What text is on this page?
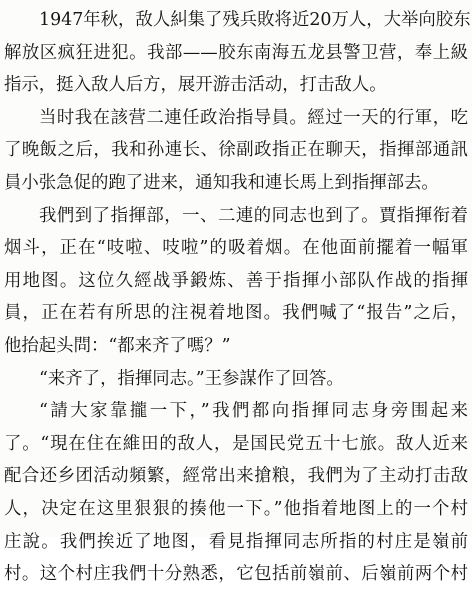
1947年秋，敌人糾集了残兵敗将近20万人，大举向胶东
解放区疯狂进犯。我部——胶东南海五龙县警卫营，奉上級
指示，挺入敌人后方，展开游击活动，打击敌人。
当时我在該营二連任政治指导員。經过一天的行軍，吃
了晚飯之后，我和孙連长、徐副政指正在聊天，指揮部通訊
員小张急促的跑了进来，通知我和連长馬上到指揮部去。
我們到了指揮部，一、二連的同志也到了。賈指揮衔着
烟斗，正在“吱啦、吱啦”的吸着烟。在他面前擺着一幅軍
用地图。这位久經战爭鍛炼、善于指揮小部队作战的指揮
員，正在若有所思的注視着地图。我們喊了“报告”之后，
他抬起头問：“都来齐了嗎？”
“来齐了，指揮同志。”王参謀作了回答。
“請大家靠攏一下，”我們都向指揮同志身旁围起来
了。“現在住在維田的敌人，是国民党五十七旅。敌人近来
配合还乡团活动頻繁，經常出来搶粮，我們为了主动打击敌
人，决定在这里狠狠的揍他一下。”他指着地图上的一个村
庄說。我們挨近了地图，看見指揮同志所指的村庄是嶺前
村。这个村庄我們十分熟悉，它包括前嶺前、后嶺前两个村
